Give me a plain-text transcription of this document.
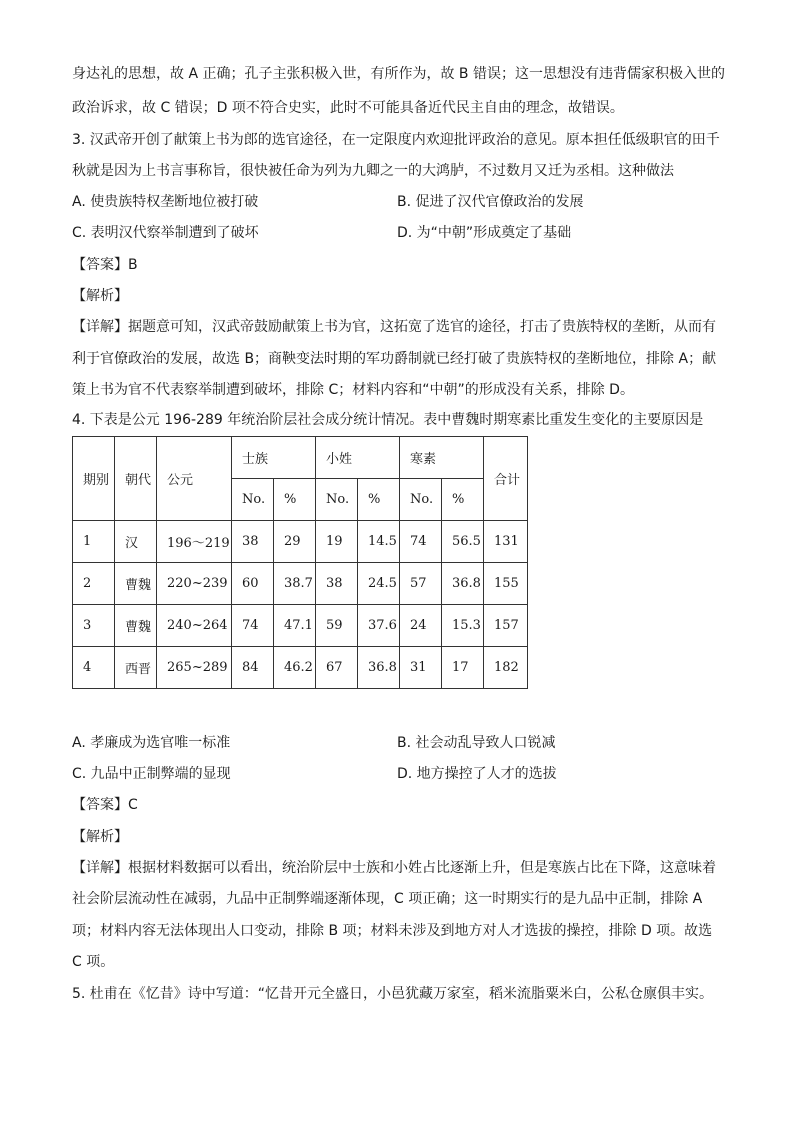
身达礼的思想，故 A 正确；孔子主张积极入世，有所作为，故 B 错误；这一思想没有违背儒家积极入世的
政治诉求，故 C 错误；D 项不符合史实，此时不可能具备近代民主自由的理念，故错误。
3. 汉武帝开创了献策上书为郎的选官途径，在一定限度内欢迎批评政治的意见。原本担任低级职官的田千
秋就是因为上书言事称旨，很快被任命为列为九卿之一的大鸿胪，不过数月又迁为丞相。这种做法
A. 使贵族特权垄断地位被打破	B. 促进了汉代官僚政治的发展
C. 表明汉代察举制遭到了破坏	D. 为“中朝”形成奠定了基础
【答案】B
【解析】
【详解】据题意可知，汉武帝鼓励献策上书为官，这拓宽了选官的途径，打击了贵族特权的垄断，从而有
利于官僚政治的发展，故选 B；商鞅变法时期的军功爵制就已经打破了贵族特权的垄断地位，排除 A；献
策上书为官不代表察举制遭到破坏，排除 C；材料内容和“中朝”的形成没有关系，排除 D。
4. 下表是公元 196-289 年统治阶层社会成分统计情况。表中曹魏时期寒素比重发生变化的主要原因是
期别	朝代	公元	士族		小姓		寒素		合计
			No.	%	No.	%	No.	%	
1	汉	196～219	38	29	19	14.5	74	56.5	131
2	曹魏	220~239	60	38.7	38	24.5	57	36.8	155
3	曹魏	240~264	74	47.1	59	37.6	24	15.3	157
4	西晋	265~289	84	46.2	67	36.8	31	17	182
A. 孝廉成为选官唯一标准	B. 社会动乱导致人口锐减
C. 九品中正制弊端的显现	D. 地方操控了人才的选拔
【答案】C
【解析】
【详解】根据材料数据可以看出，统治阶层中士族和小姓占比逐渐上升，但是寒族占比在下降，这意味着
社会阶层流动性在减弱，九品中正制弊端逐渐体现，C 项正确；这一时期实行的是九品中正制，排除 A
项；材料内容无法体现出人口变动，排除 B 项；材料未涉及到地方对人才选拔的操控，排除 D 项。故选
C 项。
5. 杜甫在《忆昔》诗中写道：“忆昔开元全盛日，小邑犹藏万家室，稻米流脂粟米白，公私仓廪俱丰实。
